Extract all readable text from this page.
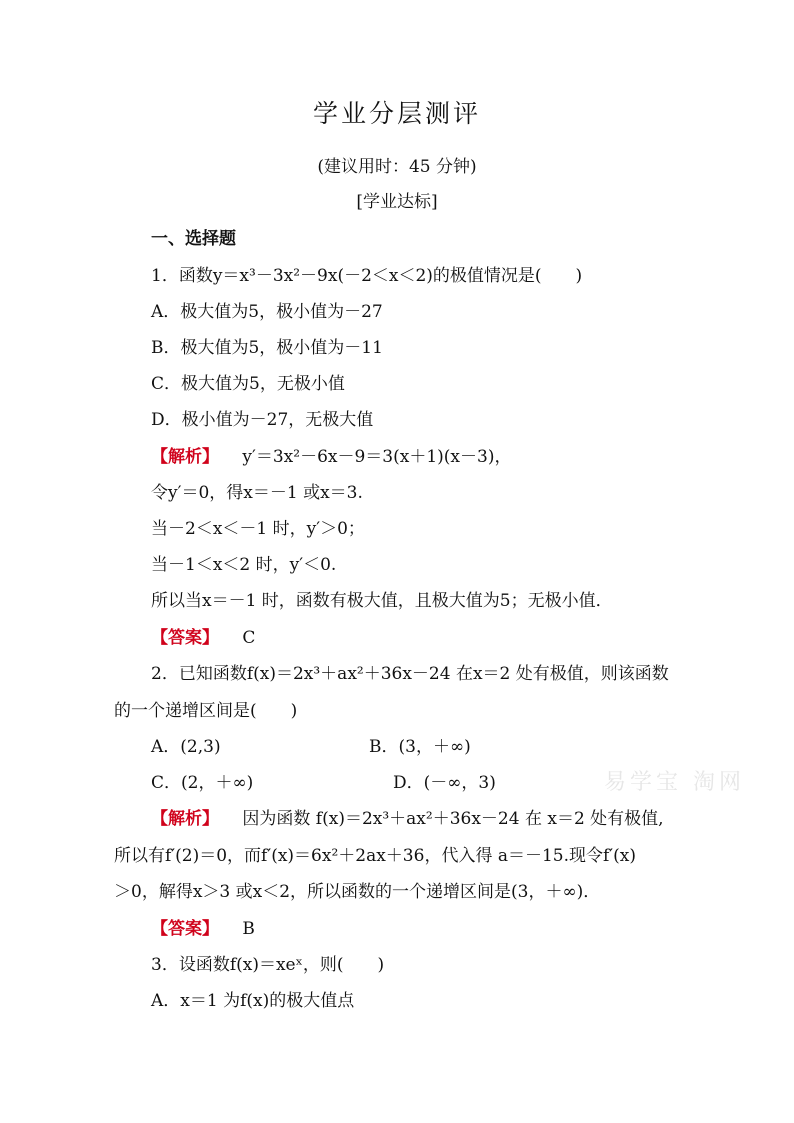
学业分层测评
(建议用时：45 分钟)
[学业达标]
一、选择题
1．函数y＝x³－3x²－9x(－2＜x＜2)的极值情况是(　　)
A．极大值为5，极小值为－27
B．极大值为5，极小值为－11
C．极大值为5，无极小值
D．极小值为－27，无极大值
【解析】 y′＝3x²－6x－9＝3(x＋1)(x－3)，
令y′＝0，得x＝－1 或x＝3.
当－2＜x＜－1 时，y′＞0；
当－1＜x＜2 时，y′＜0.
所以当x＝－1 时，函数有极大值，且极大值为5；无极小值．
【答案】 C
2．已知函数f(x)＝2x³＋ax²＋36x－24 在x＝2 处有极值，则该函数
的一个递增区间是(　　)
A．(2,3)	B．(3，＋∞)
C．(2，＋∞)	D．(－∞，3)
【解析】 因为函数 f(x)＝2x³＋ax²＋36x－24 在 x＝2 处有极值,
所以有f′(2)＝0，而f′(x)＝6x²＋2ax＋36，代入得 a＝－15.现令f′(x)
＞0，解得x＞3 或x＜2，所以函数的一个递增区间是(3，＋∞)．
【答案】 B
3．设函数f(x)＝xeˣ，则(　　)
A．x＝1 为f(x)的极大值点
易学宝 淘网
